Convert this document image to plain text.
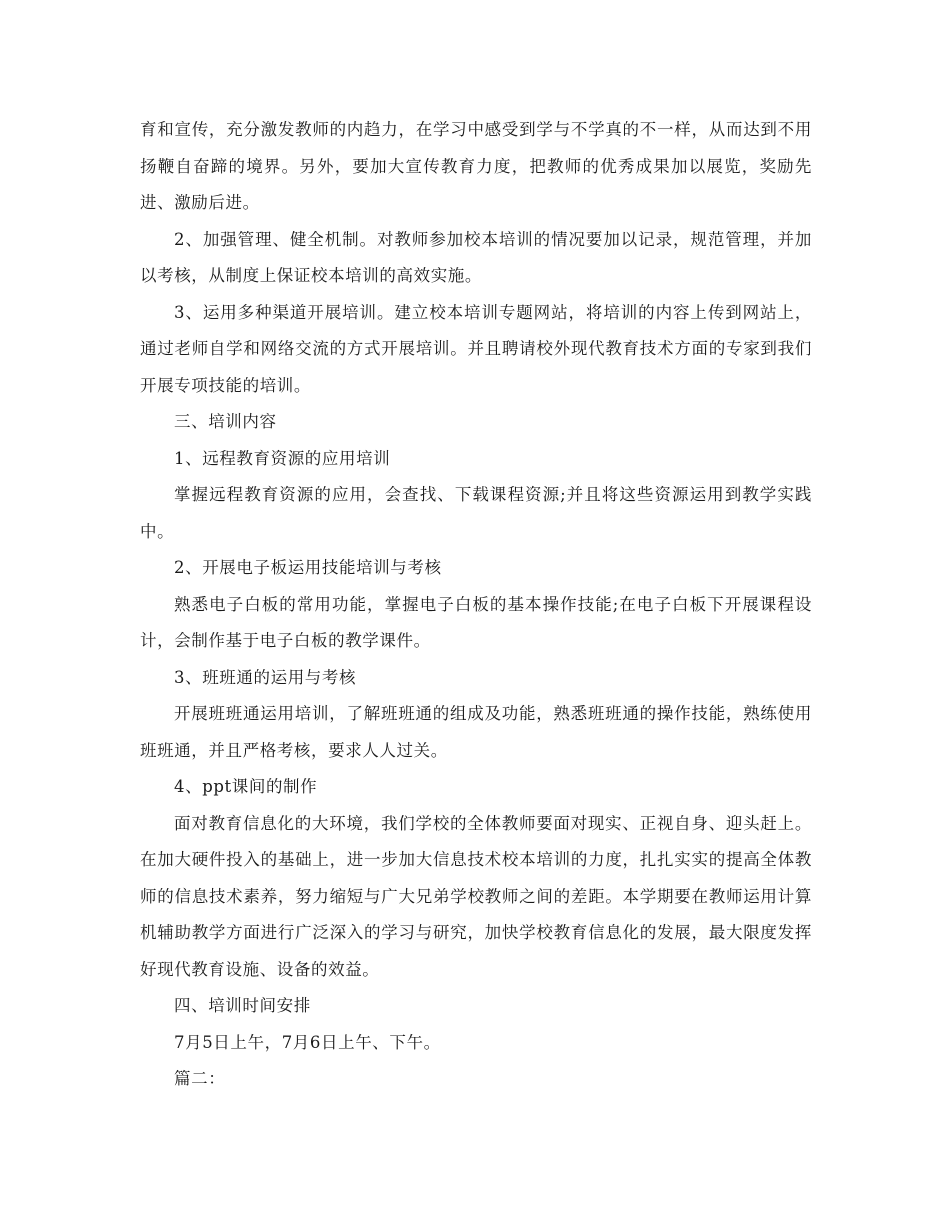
育和宣传，充分激发教师的内趋力，在学习中感受到学与不学真的不一样，从而达到不用扬鞭自奋蹄的境界。另外，要加大宣传教育力度，把教师的优秀成果加以展览，奖励先进、激励后进。

2、加强管理、健全机制。对教师参加校本培训的情况要加以记录，规范管理，并加以考核，从制度上保证校本培训的高效实施。

3、运用多种渠道开展培训。建立校本培训专题网站，将培训的内容上传到网站上，通过老师自学和网络交流的方式开展培训。并且聘请校外现代教育技术方面的专家到我们开展专项技能的培训。

三、培训内容

1、远程教育资源的应用培训

掌握远程教育资源的应用，会查找、下载课程资源;并且将这些资源运用到教学实践中。

2、开展电子板运用技能培训与考核

熟悉电子白板的常用功能，掌握电子白板的基本操作技能;在电子白板下开展课程设计，会制作基于电子白板的教学课件。

3、班班通的运用与考核

开展班班通运用培训，了解班班通的组成及功能，熟悉班班通的操作技能，熟练使用班班通，并且严格考核，要求人人过关。

4、ppt课间的制作

面对教育信息化的大环境，我们学校的全体教师要面对现实、正视自身、迎头赶上。在加大硬件投入的基础上，进一步加大信息技术校本培训的力度，扎扎实实的提高全体教师的信息技术素养，努力缩短与广大兄弟学校教师之间的差距。本学期要在教师运用计算机辅助教学方面进行广泛深入的学习与研究，加快学校教育信息化的发展，最大限度发挥好现代教育设施、设备的效益。

四、培训时间安排

7月5日上午，7月6日上午、下午。

篇二：
